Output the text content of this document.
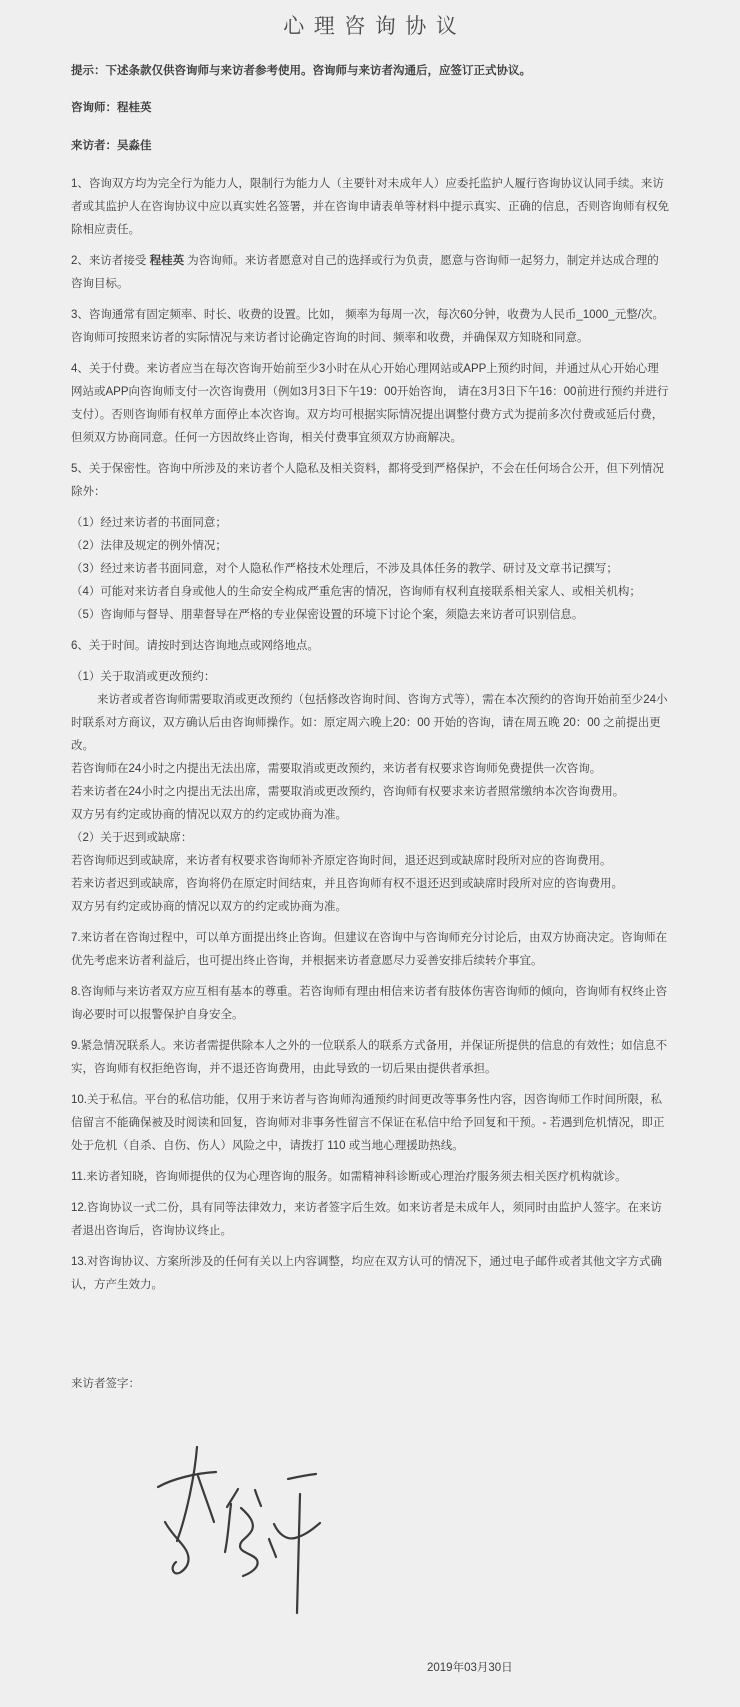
心理咨询协议

提示：下述条款仅供咨询师与来访者参考使用。咨询师与来访者沟通后，应签订正式协议。

咨询师：程桂英

来访者：吴淼佳

1、咨询双方均为完全行为能力人，限制行为能力人（主要针对未成年人）应委托监护人履行咨询协议认同手续。来访者或其监护人在咨询协议中应以真实姓名签署，并在咨询申请表单等材料中提示真实、正确的信息，否则咨询师有权免除相应责任。

2、来访者接受 程桂英 为咨询师。来访者愿意对自己的选择或行为负责，愿意与咨询师一起努力，制定并达成合理的咨询目标。

3、咨询通常有固定频率、时长、收费的设置。比如， 频率为每周一次，每次60分钟，收费为人民币_1000_元整/次。咨询师可按照来访者的实际情况与来访者讨论确定咨询的时间、频率和收费，并确保双方知晓和同意。

4、关于付费。来访者应当在每次咨询开始前至少3小时在从心开始心理网站或APP上预约时间，并通过从心开始心理网站或APP向咨询师支付一次咨询费用（例如3月3日下午19：00开始咨询， 请在3月3日下午16：00前进行预约并进行支付）。否则咨询师有权单方面停止本次咨询。双方均可根据实际情况提出调整付费方式为提前多次付费或延后付费，但须双方协商同意。任何一方因故终止咨询，相关付费事宜须双方协商解决。

5、关于保密性。咨询中所涉及的来访者个人隐私及相关资料，都将受到严格保护，不会在任何场合公开，但下列情况除外：

（1）经过来访者的书面同意；

（2）法律及规定的例外情况；

（3）经过来访者书面同意，对个人隐私作严格技术处理后，不涉及具体任务的教学、研讨及文章书记撰写；

（4）可能对来访者自身或他人的生命安全构成严重危害的情况，咨询师有权利直接联系相关家人、或相关机构；

（5）咨询师与督导、朋辈督导在严格的专业保密设置的环境下讨论个案，须隐去来访者可识别信息。

6、关于时间。请按时到达咨询地点或网络地点。

（1）关于取消或更改预约：

来访者或者咨询师需要取消或更改预约（包括修改咨询时间、咨询方式等），需在本次预约的咨询开始前至少24小时联系对方商议，双方确认后由咨询师操作。如：原定周六晚上20：00 开始的咨询，请在周五晚 20：00 之前提出更改。

若咨询师在24小时之内提出无法出席，需要取消或更改预约，来访者有权要求咨询师免费提供一次咨询。

若来访者在24小时之内提出无法出席，需要取消或更改预约，咨询师有权要求来访者照常缴纳本次咨询费用。

双方另有约定或协商的情况以双方的约定或协商为准。

（2）关于迟到或缺席：

若咨询师迟到或缺席，来访者有权要求咨询师补齐原定咨询时间，退还迟到或缺席时段所对应的咨询费用。

若来访者迟到或缺席，咨询将仍在原定时间结束，并且咨询师有权不退还迟到或缺席时段所对应的咨询费用。

双方另有约定或协商的情况以双方的约定或协商为准。

7.来访者在咨询过程中，可以单方面提出终止咨询。但建议在咨询中与咨询师充分讨论后，由双方协商决定。咨询师在优先考虑来访者利益后，也可提出终止咨询，并根据来访者意愿尽力妥善安排后续转介事宜。

8.咨询师与来访者双方应互相有基本的尊重。若咨询师有理由相信来访者有肢体伤害咨询师的倾向，咨询师有权终止咨询必要时可以报警保护自身安全。

9.紧急情况联系人。来访者需提供除本人之外的一位联系人的联系方式备用，并保证所提供的信息的有效性；如信息不实，咨询师有权拒绝咨询，并不退还咨询费用，由此导致的一切后果由提供者承担。

10.关于私信。平台的私信功能，仅用于来访者与咨询师沟通预约时间更改等事务性内容，因咨询师工作时间所限，私信留言不能确保被及时阅读和回复，咨询师对非事务性留言不保证在私信中给予回复和干预。- 若遇到危机情况，即正处于危机（自杀、自伤、伤人）风险之中，请拨打 110 或当地心理援助热线。

11.来访者知晓，咨询师提供的仅为心理咨询的服务。如需精神科诊断或心理治疗服务须去相关医疗机构就诊。

12.咨询协议一式二份，具有同等法律效力，来访者签字后生效。如来访者是未成年人，须同时由监护人签字。在来访者退出咨询后，咨询协议终止。

13.对咨询协议、方案所涉及的任何有关以上内容调整，均应在双方认可的情况下，通过电子邮件或者其他文字方式确认，方产生效力。

来访者签字：
2019年03月30日
